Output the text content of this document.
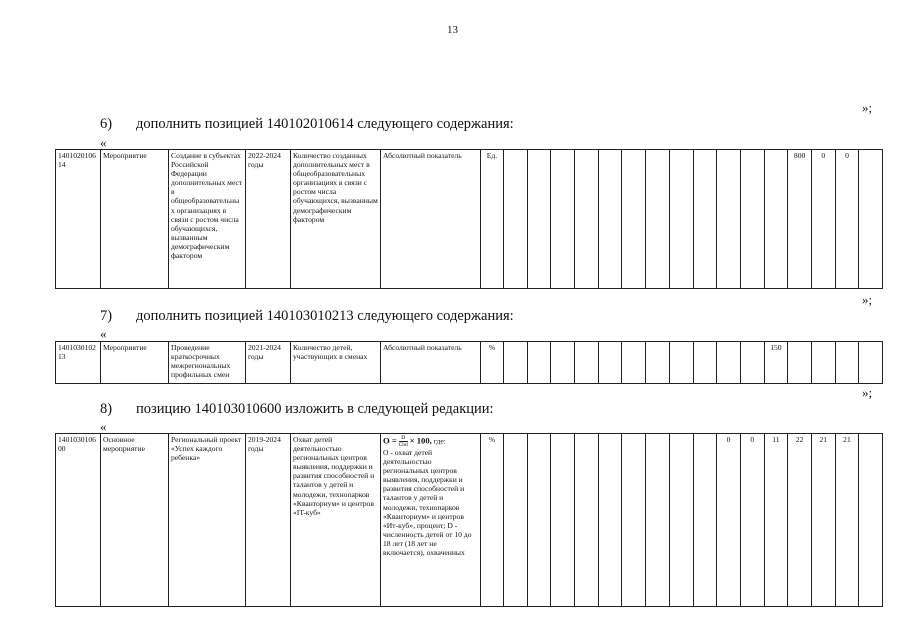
13
»;
6) дополнить позицией 140102010614 следующего содержания:
«
140102010614	Мероприятие	Создание в субъектах Российской Федерации дополнительных мест в общеобразовательных организациях в связи с ростом числа обучающихся, вызванным демографическим фактором	2022-2024 годы	Количество созданных дополнительных мест в общеобразовательных организациях в связи с ростом числа обучающихся, вызванным демографическим фактором	Абсолютный показатель	Ед.													800	0	0	
»;
7) дополнить позицией 140103010213 следующего содержания:
«
140103010213	Мероприятие	Проведение краткосрочных межрегиональных профильных смен	2021-2024 годы	Количество детей, участвующих в сменах	Абсолютный показатель	%												150				
»;
8) позицию 140103010600 изложить в следующей редакции:
«
140103010600	Основное мероприятие	Региональный проект «Успех каждого ребенка»	2019-2024 годы	Охват детей деятельностью региональных центров выявления, поддержки и развития способностей и талантов у детей и молодежи, технопарков «Кванториум» и центров «IT-куб»	
$O = \frac{D}{\text{Chd}} \times 100$, где:
O - охват детей деятельностью региональных центров выявления, поддержки и развития способностей и талантов у детей и молодежи, технопарков «Кванториум» и центров «Ит-куб», процент; D - численность детей от 10 до 18 лет (18 лет не включается), охваченных
	%										0	0	11	22	21	21	
